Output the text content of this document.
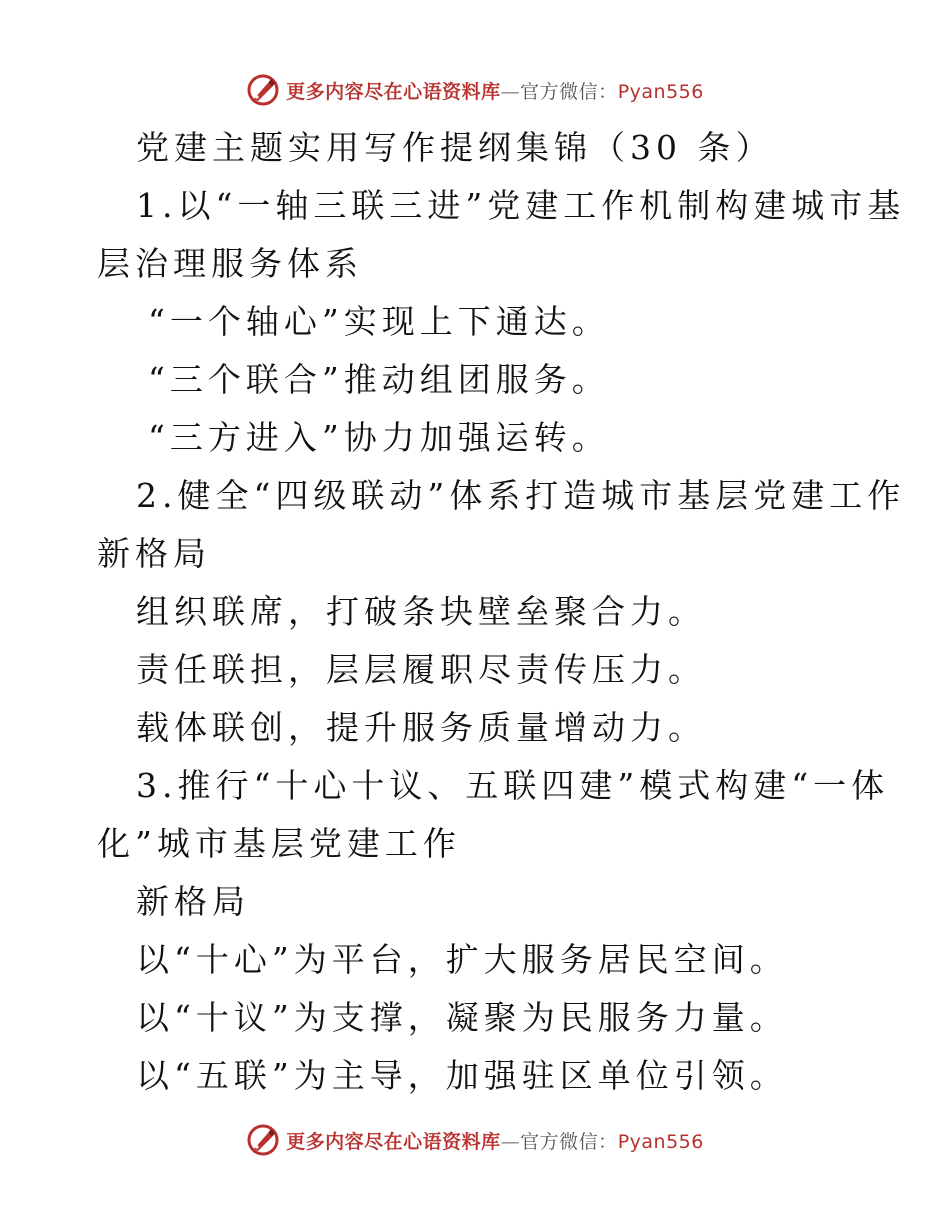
更多内容尽在心语资料库—官方微信：Pyan556
党建主题实用写作提纲集锦（30 条）
1.以“一轴三联三进”党建工作机制构建城市基
层治理服务体系
“一个轴心”实现上下通达。
“三个联合”推动组团服务。
“三方进入”协力加强运转。
2.健全“四级联动”体系打造城市基层党建工作
新格局
组织联席，打破条块壁垒聚合力。
责任联担，层层履职尽责传压力。
载体联创，提升服务质量增动力。
3.推行“十心十议、五联四建”模式构建“一体
化”城市基层党建工作
新格局
以“十心”为平台，扩大服务居民空间。
以“十议”为支撑，凝聚为民服务力量。
以“五联”为主导，加强驻区单位引领。
更多内容尽在心语资料库—官方微信：Pyan556
